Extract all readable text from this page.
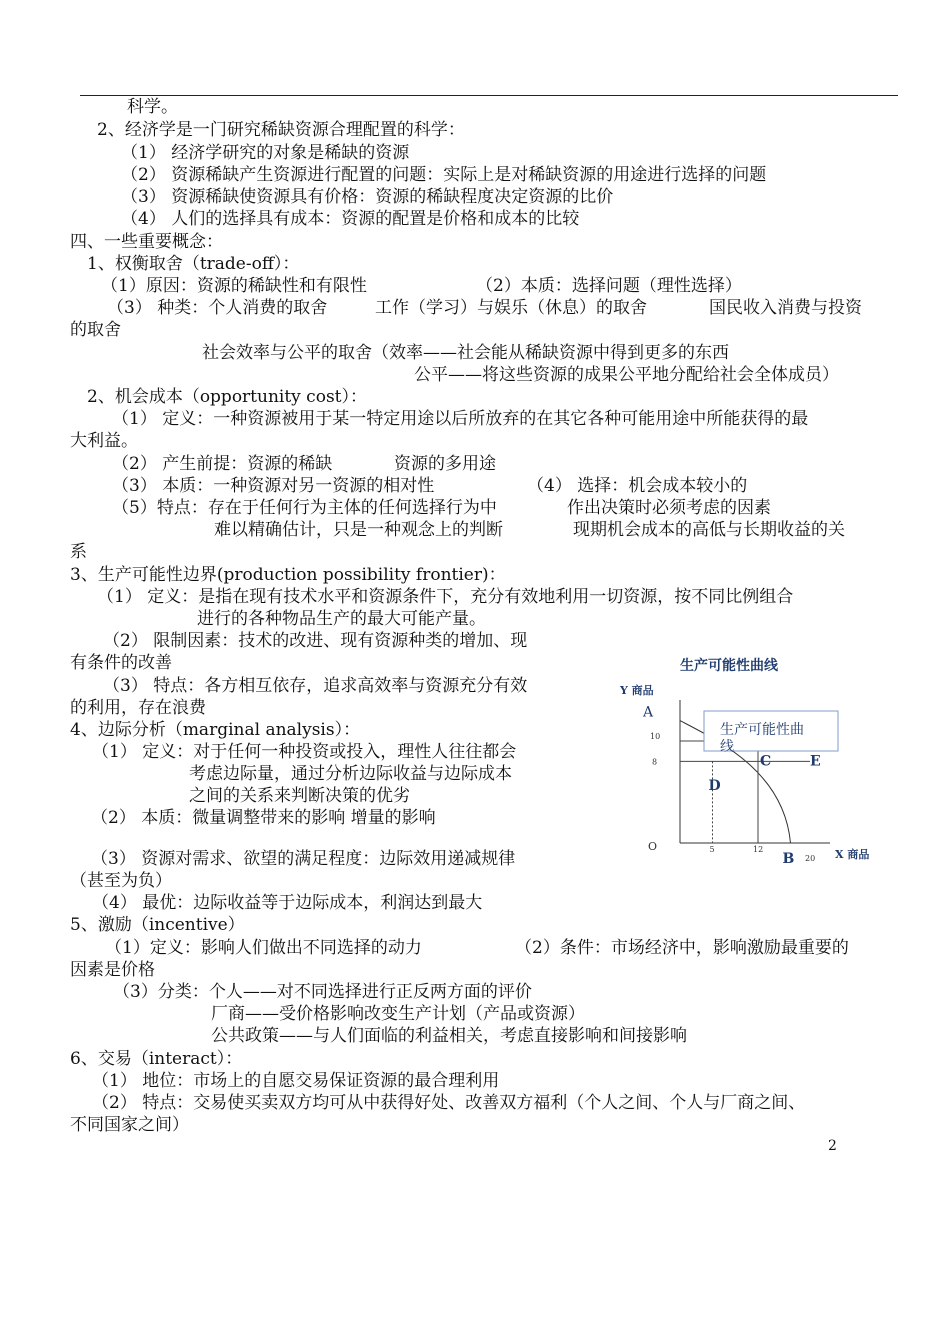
科学。
2、经济学是一门研究稀缺资源合理配置的科学：
（1） 经济学研究的对象是稀缺的资源
（2） 资源稀缺产生资源进行配置的问题：实际上是对稀缺资源的用途进行选择的问题
（3） 资源稀缺使资源具有价格：资源的稀缺程度决定资源的比价
（4） 人们的选择具有成本：资源的配置是价格和成本的比较
四、一些重要概念：
1、权衡取舍（trade-off）：
（1）原因：资源的稀缺性和有限性	（2）本质：选择问题（理性选择）
（3） 种类：个人消费的取舍	工作（学习）与娱乐（休息）的取舍	国民收入消费与投资
的取舍
社会效率与公平的取舍（效率——社会能从稀缺资源中得到更多的东西
公平——将这些资源的成果公平地分配给社会全体成员）
2、机会成本（opportunity cost）：
（1） 定义：一种资源被用于某一特定用途以后所放弃的在其它各种可能用途中所能获得的最
大利益。
（2） 产生前提：资源的稀缺	资源的多用途
（3） 本质：一种资源对另一资源的相对性	（4） 选择：机会成本较小的
（5）特点：存在于任何行为主体的任何选择行为中	作出决策时必须考虑的因素
难以精确估计，只是一种观念上的判断	现期机会成本的高低与长期收益的关
系
3、生产可能性边界(production possibility frontier)：
（1） 定义：是指在现有技术水平和资源条件下，充分有效地利用一切资源，按不同比例组合
进行的各种物品生产的最大可能产量。
（2） 限制因素：技术的改进、现有资源种类的增加、现
有条件的改善
（3） 特点：各方相互依存，追求高效率与资源充分有效
的利用，存在浪费
4、边际分析（marginal analysis）：
（1） 定义：对于任何一种投资或投入，理性人往往都会
考虑边际量，通过分析边际收益与边际成本
之间的关系来判断决策的优劣
（2） 本质：微量调整带来的影响 增量的影响
（3） 资源对需求、欲望的满足程度：边际效用递减规律
（甚至为负）
（4） 最优：边际收益等于边际成本，利润达到最大
5、激励（incentive）
（1）定义：影响人们做出不同选择的动力	（2）条件：市场经济中，影响激励最重要的
因素是价格
（3）分类：个人——对不同选择进行正反两方面的评价
厂商——受价格影响改变生产计划（产品或资源）
公共政策——与人们面临的利益相关，考虑直接影响和间接影响
6、交易（interact）：
（1） 地位：市场上的自愿交易保证资源的最合理利用
（2） 特点：交易使买卖双方均可从中获得好处、改善双方福利（个人之间、个人与厂商之间、
不同国家之间）
2
生产可能性曲线
Y 商品
O
X 商品
10
8
5	12
20
生产可能性曲
线
A
B
C
D
E
